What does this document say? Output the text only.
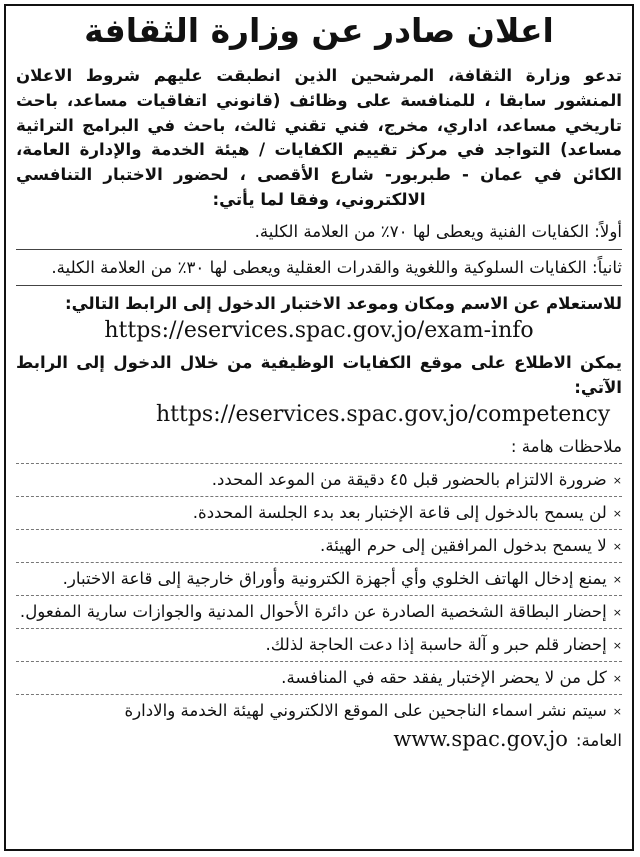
اعلان صادر عن وزارة الثقافة

تدعو وزارة الثقافة، المرشحين الذين انطبقت عليهم شروط الاعلان المنشور سابقا ، للمنافسة على وظائف (قانوني اتفاقيات مساعد، باحث تاريخي مساعد، اداري، مخرج، فني تقني ثالث، باحث في البرامج التراثية مساعد) التواجد في مركز تقييم الكفايات / هيئة الخدمة والإدارة العامة، الكائن في عمان - طبربور- شارع الأقصى ، لحضور الاختبار التنافسي الالكتروني، وفقا لما يأتي:

أولاً: الكفايات الفنية ويعطى لها ٧٠٪ من العلامة الكلية.

ثانياً: الكفايات السلوكية واللغوية والقدرات العقلية ويعطى لها ٣٠٪ من العلامة الكلية.

للاستعلام عن الاسم ومكان وموعد الاختبار الدخول إلى الرابط التالي:

https://eservices.spac.gov.jo/exam-info

يمكن الاطلاع على موقع الكفايات الوظيفية من خلال الدخول إلى الرابط الآتي:

https://eservices.spac.gov.jo/competency

ملاحظات هامة :

×ضرورة الالتزام بالحضور قبل ٤٥ دقيقة من الموعد المحدد.

×لن يسمح بالدخول إلى قاعة الإختبار بعد بدء الجلسة المحددة.

×لا يسمح بدخول المرافقين إلى حرم الهيئة.

×يمنع إدخال الهاتف الخلوي وأي أجهزة الكترونية وأوراق خارجية إلى قاعة الاختبار.

×إحضار البطاقة الشخصية الصادرة عن دائرة الأحوال المدنية والجوازات سارية المفعول.

×إحضار قلم حبر و آلة حاسبة إذا دعت الحاجة لذلك.

×كل من لا يحضر الإختبار يفقد حقه في المنافسة.

×سيتم نشر اسماء الناجحين على الموقع الالكتروني لهيئة الخدمة والادارة

العامة:
www.spac.gov.jo
